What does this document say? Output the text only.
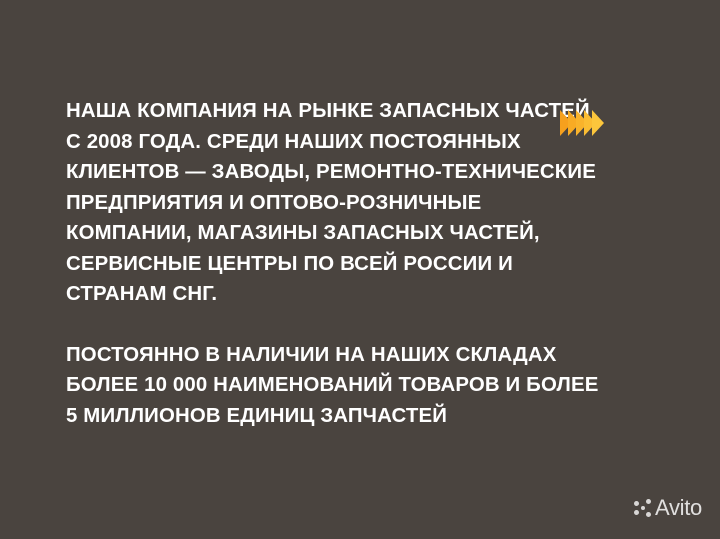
НАША КОМПАНИЯ НА РЫНКЕ ЗАПАСНЫХ ЧАСТЕЙ С 2008 ГОДА. СРЕДИ НАШИХ ПОСТОЯННЫХ КЛИЕНТОВ — ЗАВОДЫ, РЕМОНТНО-ТЕХНИЧЕСКИЕ ПРЕДПРИЯТИЯ И ОПТОВО-РОЗНИЧНЫЕ КОМПАНИИ, МАГАЗИНЫ ЗАПАСНЫХ ЧАСТЕЙ, СЕРВИСНЫЕ ЦЕНТРЫ ПО ВСЕЙ РОССИИ И СТРАНАМ СНГ.

ПОСТОЯННО В НАЛИЧИИ НА НАШИХ СКЛАДАХ БОЛЕЕ 10 000 НАИМЕНОВАНИЙ ТОВАРОВ И БОЛЕЕ 5 МИЛЛИОНОВ ЕДИНИЦ ЗАПЧАСТЕЙ

Avito
